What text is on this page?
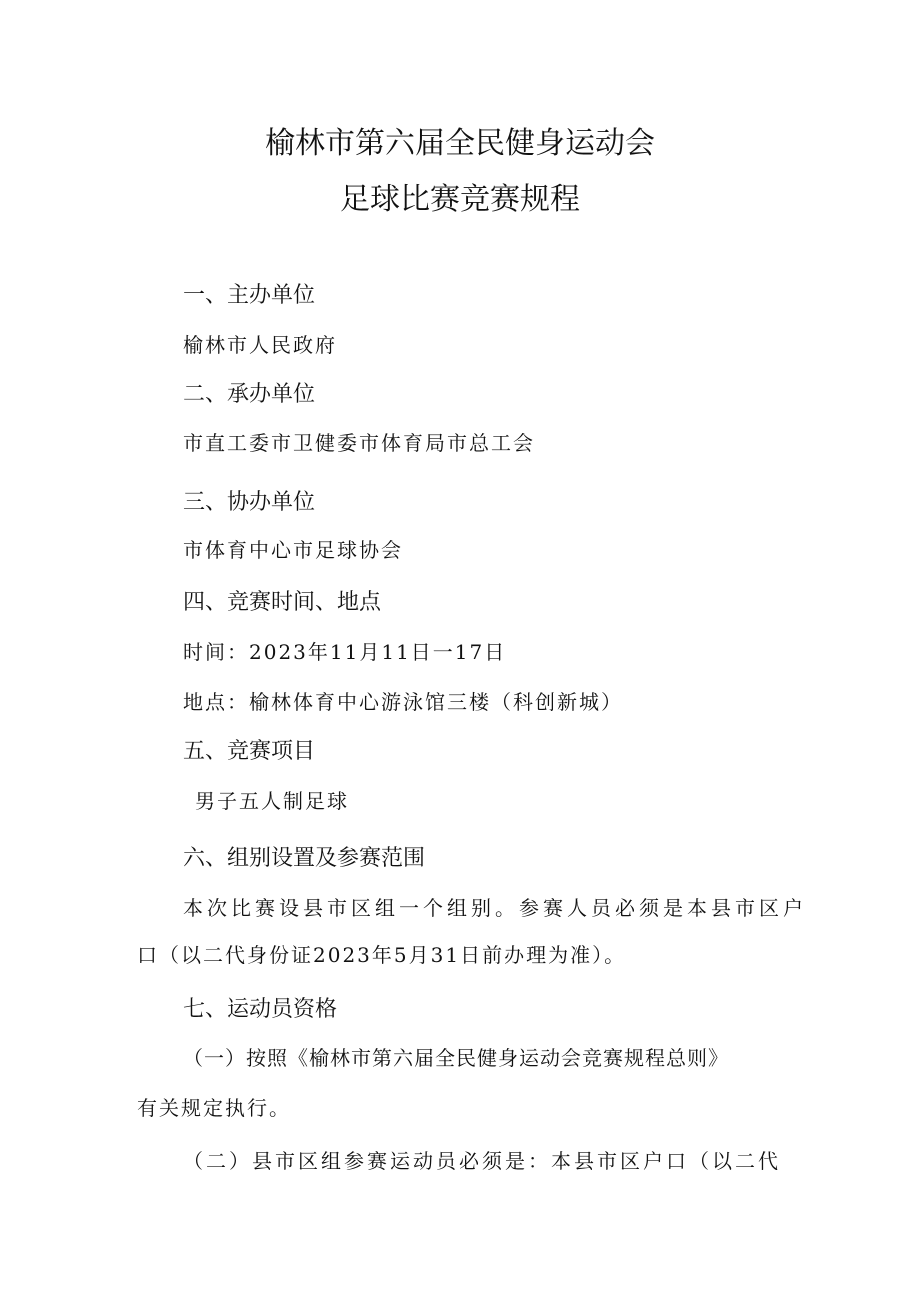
榆林市第六届全民健身运动会
足球比赛竞赛规程
一、主办单位
榆林市人民政府
二、承办单位
市直工委市卫健委市体育局市总工会
三、协办单位
市体育中心市足球协会
四、竞赛时间、地点
时间：2023年11月11日一17日
地点：榆林体育中心游泳馆三楼（科创新城）
五、竞赛项目
男子五人制足球
六、组别设置及参赛范围
本次比赛设县市区组一个组别。参赛人员必须是本县市区户
口（以二代身份证2023年5月31日前办理为准）。
七、运动员资格
（一）按照《榆林市第六届全民健身运动会竞赛规程总则》
有关规定执行。
（二）县市区组参赛运动员必须是：本县市区户口（以二代
